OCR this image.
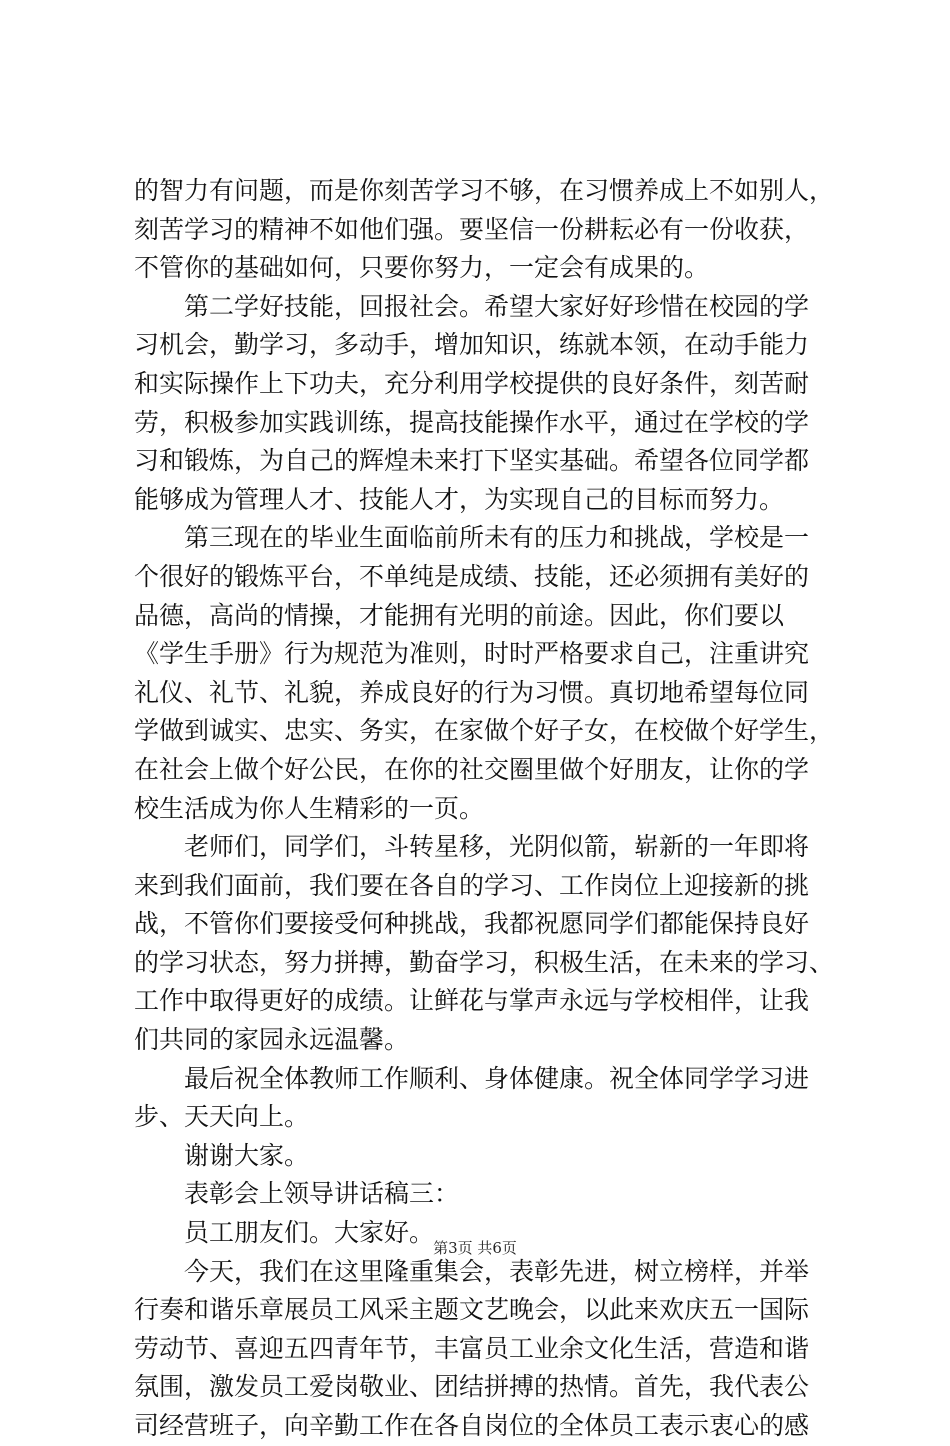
的智力有问题，而是你刻苦学习不够，在习惯养成上不如别人，
刻苦学习的精神不如他们强。要坚信一份耕耘必有一份收获，
不管你的基础如何，只要你努力，一定会有成果的。
第二学好技能，回报社会。希望大家好好珍惜在校园的学
习机会，勤学习，多动手，增加知识，练就本领，在动手能力
和实际操作上下功夫，充分利用学校提供的良好条件，刻苦耐
劳，积极参加实践训练，提高技能操作水平，通过在学校的学
习和锻炼，为自己的辉煌未来打下坚实基础。希望各位同学都
能够成为管理人才、技能人才，为实现自己的目标而努力。
第三现在的毕业生面临前所未有的压力和挑战，学校是一
个很好的锻炼平台，不单纯是成绩、技能，还必须拥有美好的
品德，高尚的情操，才能拥有光明的前途。因此，你们要以
《学生手册》行为规范为准则，时时严格要求自己，注重讲究
礼仪、礼节、礼貌，养成良好的行为习惯。真切地希望每位同
学做到诚实、忠实、务实，在家做个好子女，在校做个好学生，
在社会上做个好公民，在你的社交圈里做个好朋友，让你的学
校生活成为你人生精彩的一页。
老师们，同学们，斗转星移，光阴似箭，崭新的一年即将
来到我们面前，我们要在各自的学习、工作岗位上迎接新的挑
战，不管你们要接受何种挑战，我都祝愿同学们都能保持良好
的学习状态，努力拼搏，勤奋学习，积极生活，在未来的学习、
工作中取得更好的成绩。让鲜花与掌声永远与学校相伴，让我
们共同的家园永远温馨。
最后祝全体教师工作顺利、身体健康。祝全体同学学习进
步、天天向上。
谢谢大家。
表彰会上领导讲话稿三：
员工朋友们。大家好。
今天，我们在这里隆重集会，表彰先进，树立榜样，并举
行奏和谐乐章展员工风采主题文艺晚会，以此来欢庆五一国际
劳动节、喜迎五四青年节，丰富员工业余文化生活，营造和谐
氛围，激发员工爱岗敬业、团结拼搏的热情。首先，我代表公
司经营班子，向辛勤工作在各自岗位的全体员工表示衷心的感
第3页 共6页
